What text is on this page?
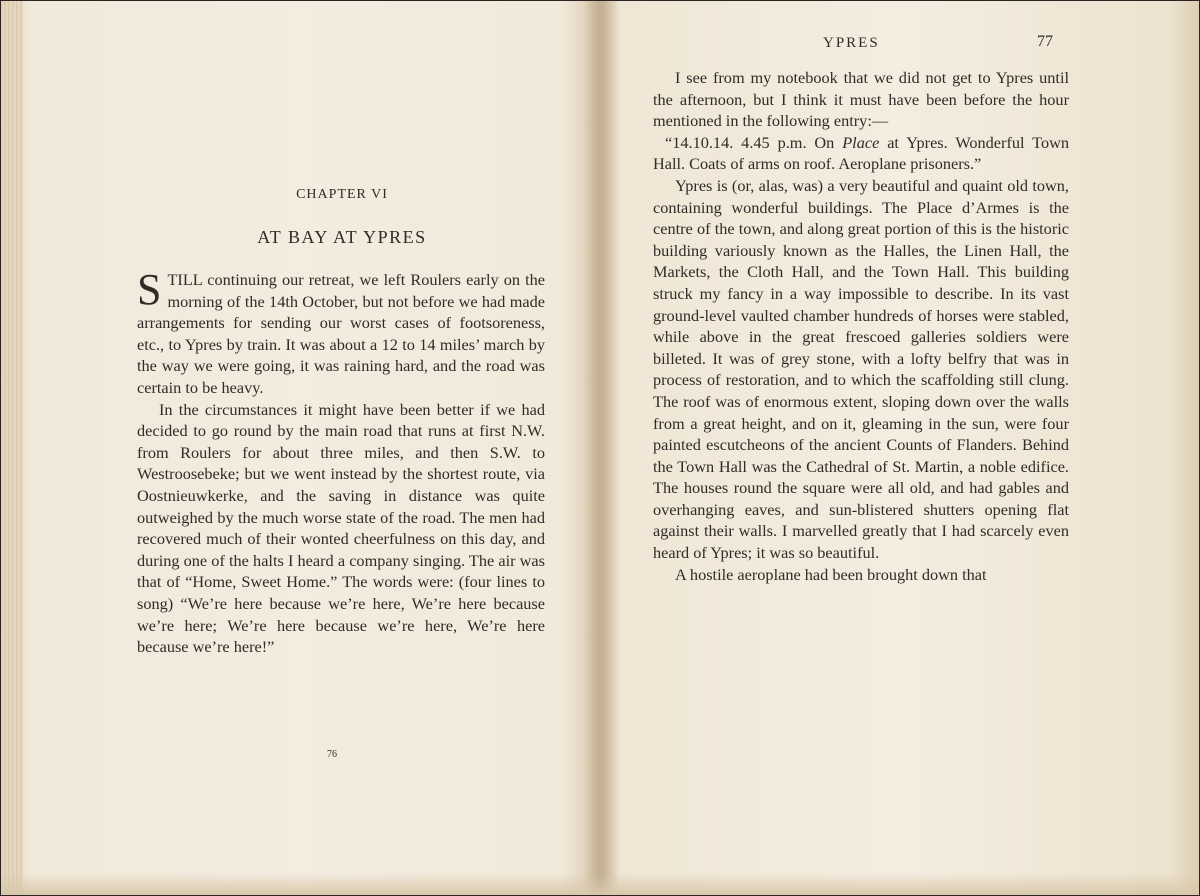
CHAPTER VI
AT BAY AT YPRES

STILL continuing our retreat, we left Roulers early on the morning of the 14th October, but not before we had made arrangements for sending our worst cases of footsoreness, etc., to Ypres by train. It was about a 12 to 14 miles’ march by the way we were going, it was raining hard, and the road was certain to be heavy.

In the circumstances it might have been better if we had decided to go round by the main road that runs at first N.W. from Roulers for about three miles, and then S.W. to Westroosebeke; but we went instead by the shortest route, via Oostnieuwkerke, and the saving in distance was quite outweighed by the much worse state of the road. The men had recovered much of their wonted cheerfulness on this day, and during one of the halts I heard a company singing. The air was that of “Home, Sweet Home.” The words were: (four lines to song) “We’re here because we’re here, We’re here because we’re here; We’re here because we’re here, We’re here because we’re here!”

76
YPRES	77

I see from my notebook that we did not get to Ypres until the afternoon, but I think it must have been before the hour mentioned in the following entry:—

“14.10.14. 4.45 p.m. On Place at Ypres. Wonderful Town Hall. Coats of arms on roof. Aeroplane prisoners.”

Ypres is (or, alas, was) a very beautiful and quaint old town, containing wonderful buildings. The Place d’Armes is the centre of the town, and along great portion of this is the historic building variously known as the Halles, the Linen Hall, the Markets, the Cloth Hall, and the Town Hall. This building struck my fancy in a way impossible to describe. In its vast ground-level vaulted chamber hundreds of horses were stabled, while above in the great frescoed galleries soldiers were billeted. It was of grey stone, with a lofty belfry that was in process of restoration, and to which the scaffolding still clung. The roof was of enormous extent, sloping down over the walls from a great height, and on it, gleaming in the sun, were four painted escutcheons of the ancient Counts of Flanders. Behind the Town Hall was the Cathedral of St. Martin, a noble edifice. The houses round the square were all old, and had gables and overhanging eaves, and sun-blistered shutters opening flat against their walls. I marvelled greatly that I had scarcely even heard of Ypres; it was so beautiful.

A hostile aeroplane had been brought down that
